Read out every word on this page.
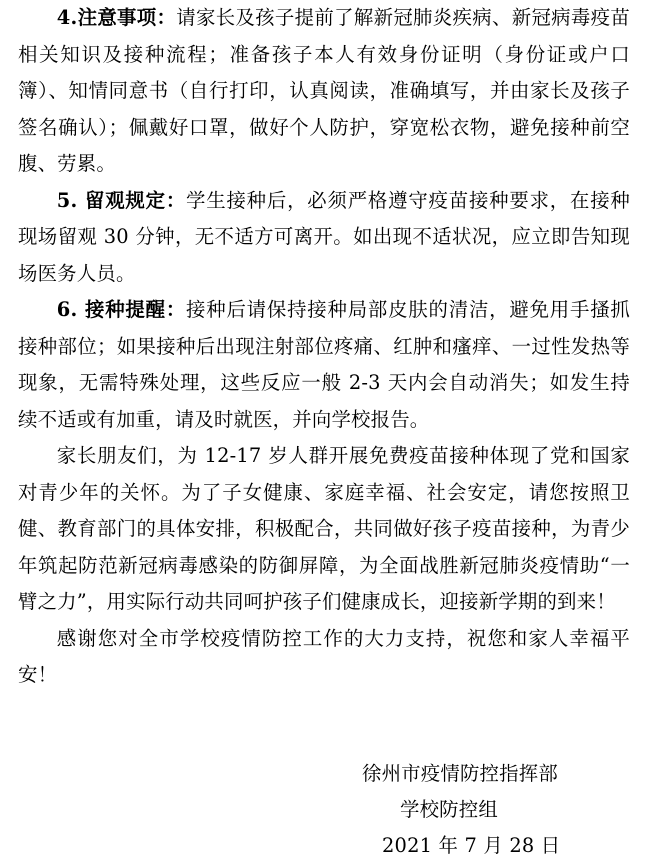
4.注意事项：请家长及孩子提前了解新冠肺炎疾病、新冠病毒疫苗相关知识及接种流程；准备孩子本人有效身份证明（身份证或户口簿）、知情同意书（自行打印，认真阅读，准确填写，并由家长及孩子签名确认）；佩戴好口罩，做好个人防护，穿宽松衣物，避免接种前空腹、劳累。

5. 留观规定：学生接种后，必须严格遵守疫苗接种要求，在接种现场留观 30 分钟，无不适方可离开。如出现不适状况，应立即告知现场医务人员。

6. 接种提醒：接种后请保持接种局部皮肤的清洁，避免用手搔抓接种部位；如果接种后出现注射部位疼痛、红肿和瘙痒、一过性发热等现象，无需特殊处理，这些反应一般 2-3 天内会自动消失；如发生持续不适或有加重，请及时就医，并向学校报告。

家长朋友们，为 12-17 岁人群开展免费疫苗接种体现了党和国家对青少年的关怀。为了子女健康、家庭幸福、社会安定，请您按照卫健、教育部门的具体安排，积极配合，共同做好孩子疫苗接种，为青少年筑起防范新冠病毒感染的防御屏障，为全面战胜新冠肺炎疫情助“一臂之力”，用实际行动共同呵护孩子们健康成长，迎接新学期的到来！

感谢您对全市学校疫情防控工作的大力支持，祝您和家人幸福平安！

徐州市疫情防控指挥部
学校防控组
2021 年 7 月 28 日
